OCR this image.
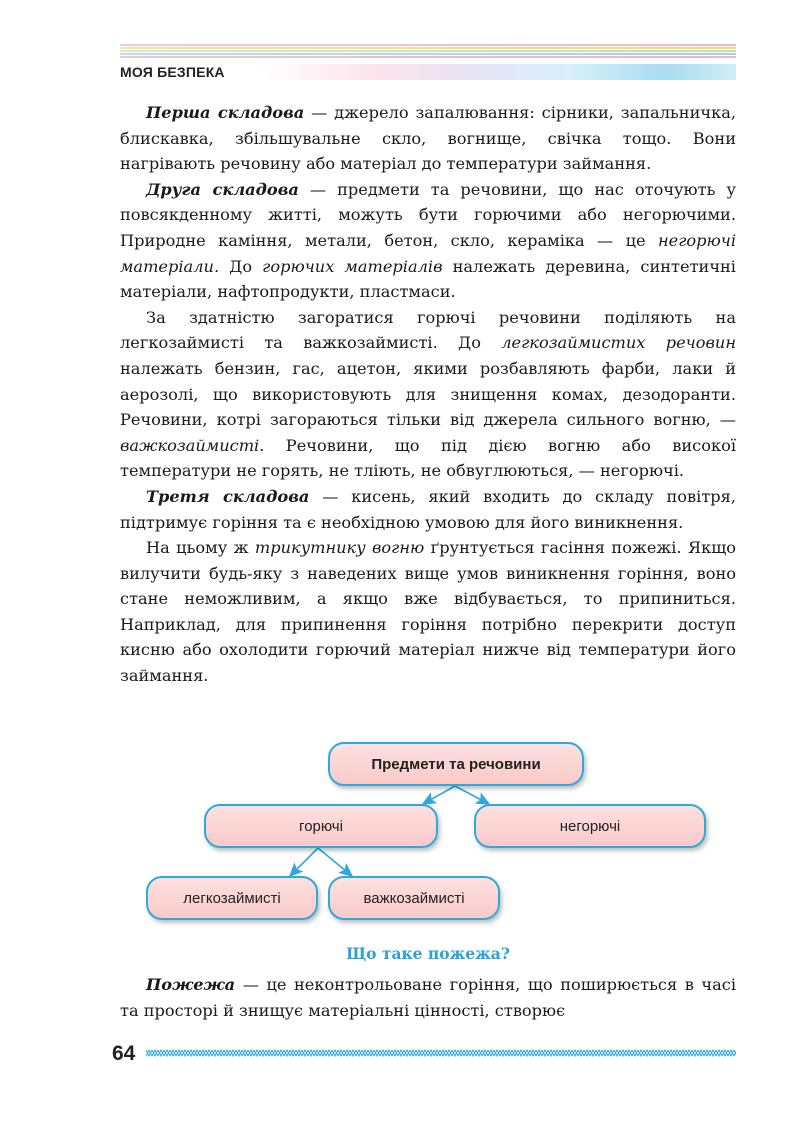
МОЯ БЕЗПЕКА

Перша складова — джерело запалювання: сірники, запальничка, блискавка, збільшувальне скло, вогнище, свічка тощо. Вони нагрівають речовину або матеріал до температури займання.

Друга складова — предмети та речовини, що нас оточують у повсякденному житті, можуть бути горючими або негорючими. Природне каміння, метали, бетон, скло, кераміка — це негорючі матеріали. До горючих матеріалів належать деревина, синтетичні матеріали, нафтопродукти, пластмаси.

За здатністю загоратися горючі речовини поділяють на легкозаймисті та важкозаймисті. До легкозаймистих речовин належать бензин, гас, ацетон, якими розбавляють фарби, лаки й аерозолі, що використовують для знищення комах, дезодоранти. Речовини, котрі загораються тільки від джерела сильного вогню, — важкозаймисті. Речовини, що під дією вогню або високої температури не горять, не тліють, не обвуглюються, — негорючі.

Третя складова — кисень, який входить до складу повітря, підтримує горіння та є необхідною умовою для його виникнення.

На цьому ж трикутнику вогню ґрунтується гасіння пожежі. Якщо вилучити будь-яку з наведених вище умов виникнення горіння, воно стане неможливим, а якщо вже відбувається, то припиниться. Наприклад, для припинення горіння потрібно перекрити доступ кисню або охолодити горючий матеріал нижче від температури його займання.

Предмети та речовини
горючі	негорючі
легкозаймисті	важкозаймисті
Що таке пожежа?

Пожежа — це неконтрольоване горіння, що поширюється в часі та просторі й знищує матеріальні цінності, створює

64
